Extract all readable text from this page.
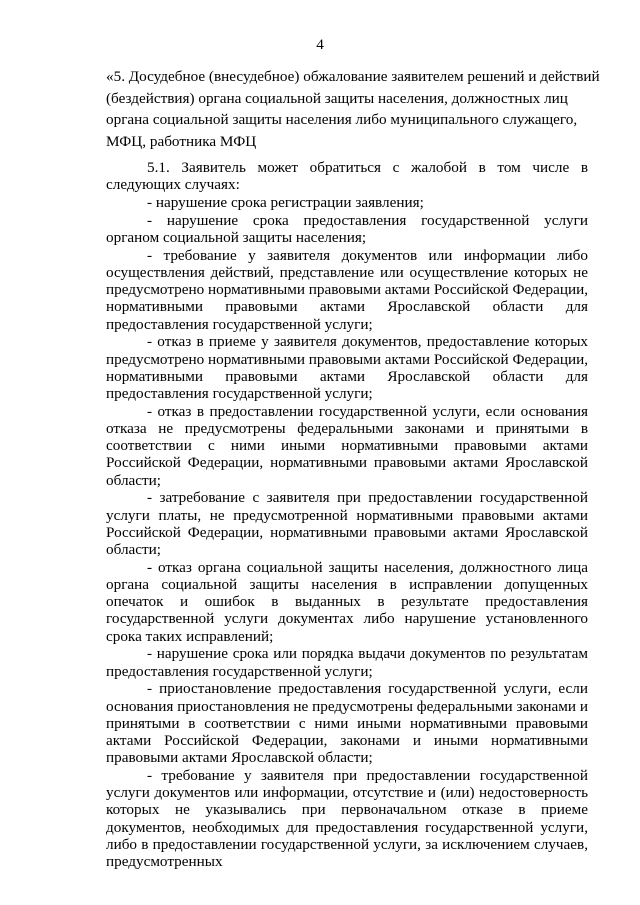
4
«5. Досудебное (внесудебное) обжалование заявителем решений и действий
(бездействия) органа социальной защиты населения, должностных лиц
органа социальной защиты населения либо муниципального служащего,
МФЦ, работника МФЦ

5.1. Заявитель может обратиться с жалобой в том числе в следующих случаях:

- нарушение срока регистрации заявления;

- нарушение срока предоставления государственной услуги органом социальной защиты населения;

- требование у заявителя документов или информации либо осуществления действий, представление или осуществление которых не предусмотрено нормативными правовыми актами Российской Федерации, нормативными правовыми актами Ярославской области для предоставления государственной услуги;

- отказ в приеме у заявителя документов, предоставление которых предусмотрено нормативными правовыми актами Российской Федерации, нормативными правовыми актами Ярославской области для предоставления государственной услуги;

- отказ в предоставлении государственной услуги, если основания отказа не предусмотрены федеральными законами и принятыми в соответствии с ними иными нормативными правовыми актами Российской Федерации, нормативными правовыми актами Ярославской области;

- затребование с заявителя при предоставлении государственной услуги платы, не предусмотренной нормативными правовыми актами Российской Федерации, нормативными правовыми актами Ярославской области;

- отказ органа социальной защиты населения, должностного лица органа социальной защиты населения в исправлении допущенных опечаток и ошибок в выданных в результате предоставления государственной услуги документах либо нарушение установленного срока таких исправлений;

- нарушение срока или порядка выдачи документов по результатам предоставления государственной услуги;

- приостановление предоставления государственной услуги, если основания приостановления не предусмотрены федеральными законами и принятыми в соответствии с ними иными нормативными правовыми актами Российской Федерации, законами и иными нормативными правовыми актами Ярославской области;

- требование у заявителя при предоставлении государственной услуги документов или информации, отсутствие и (или) недостоверность которых не указывались при первоначальном отказе в приеме документов, необходимых для предоставления государственной услуги, либо в предоставлении государственной услуги, за исключением случаев, предусмотренных
